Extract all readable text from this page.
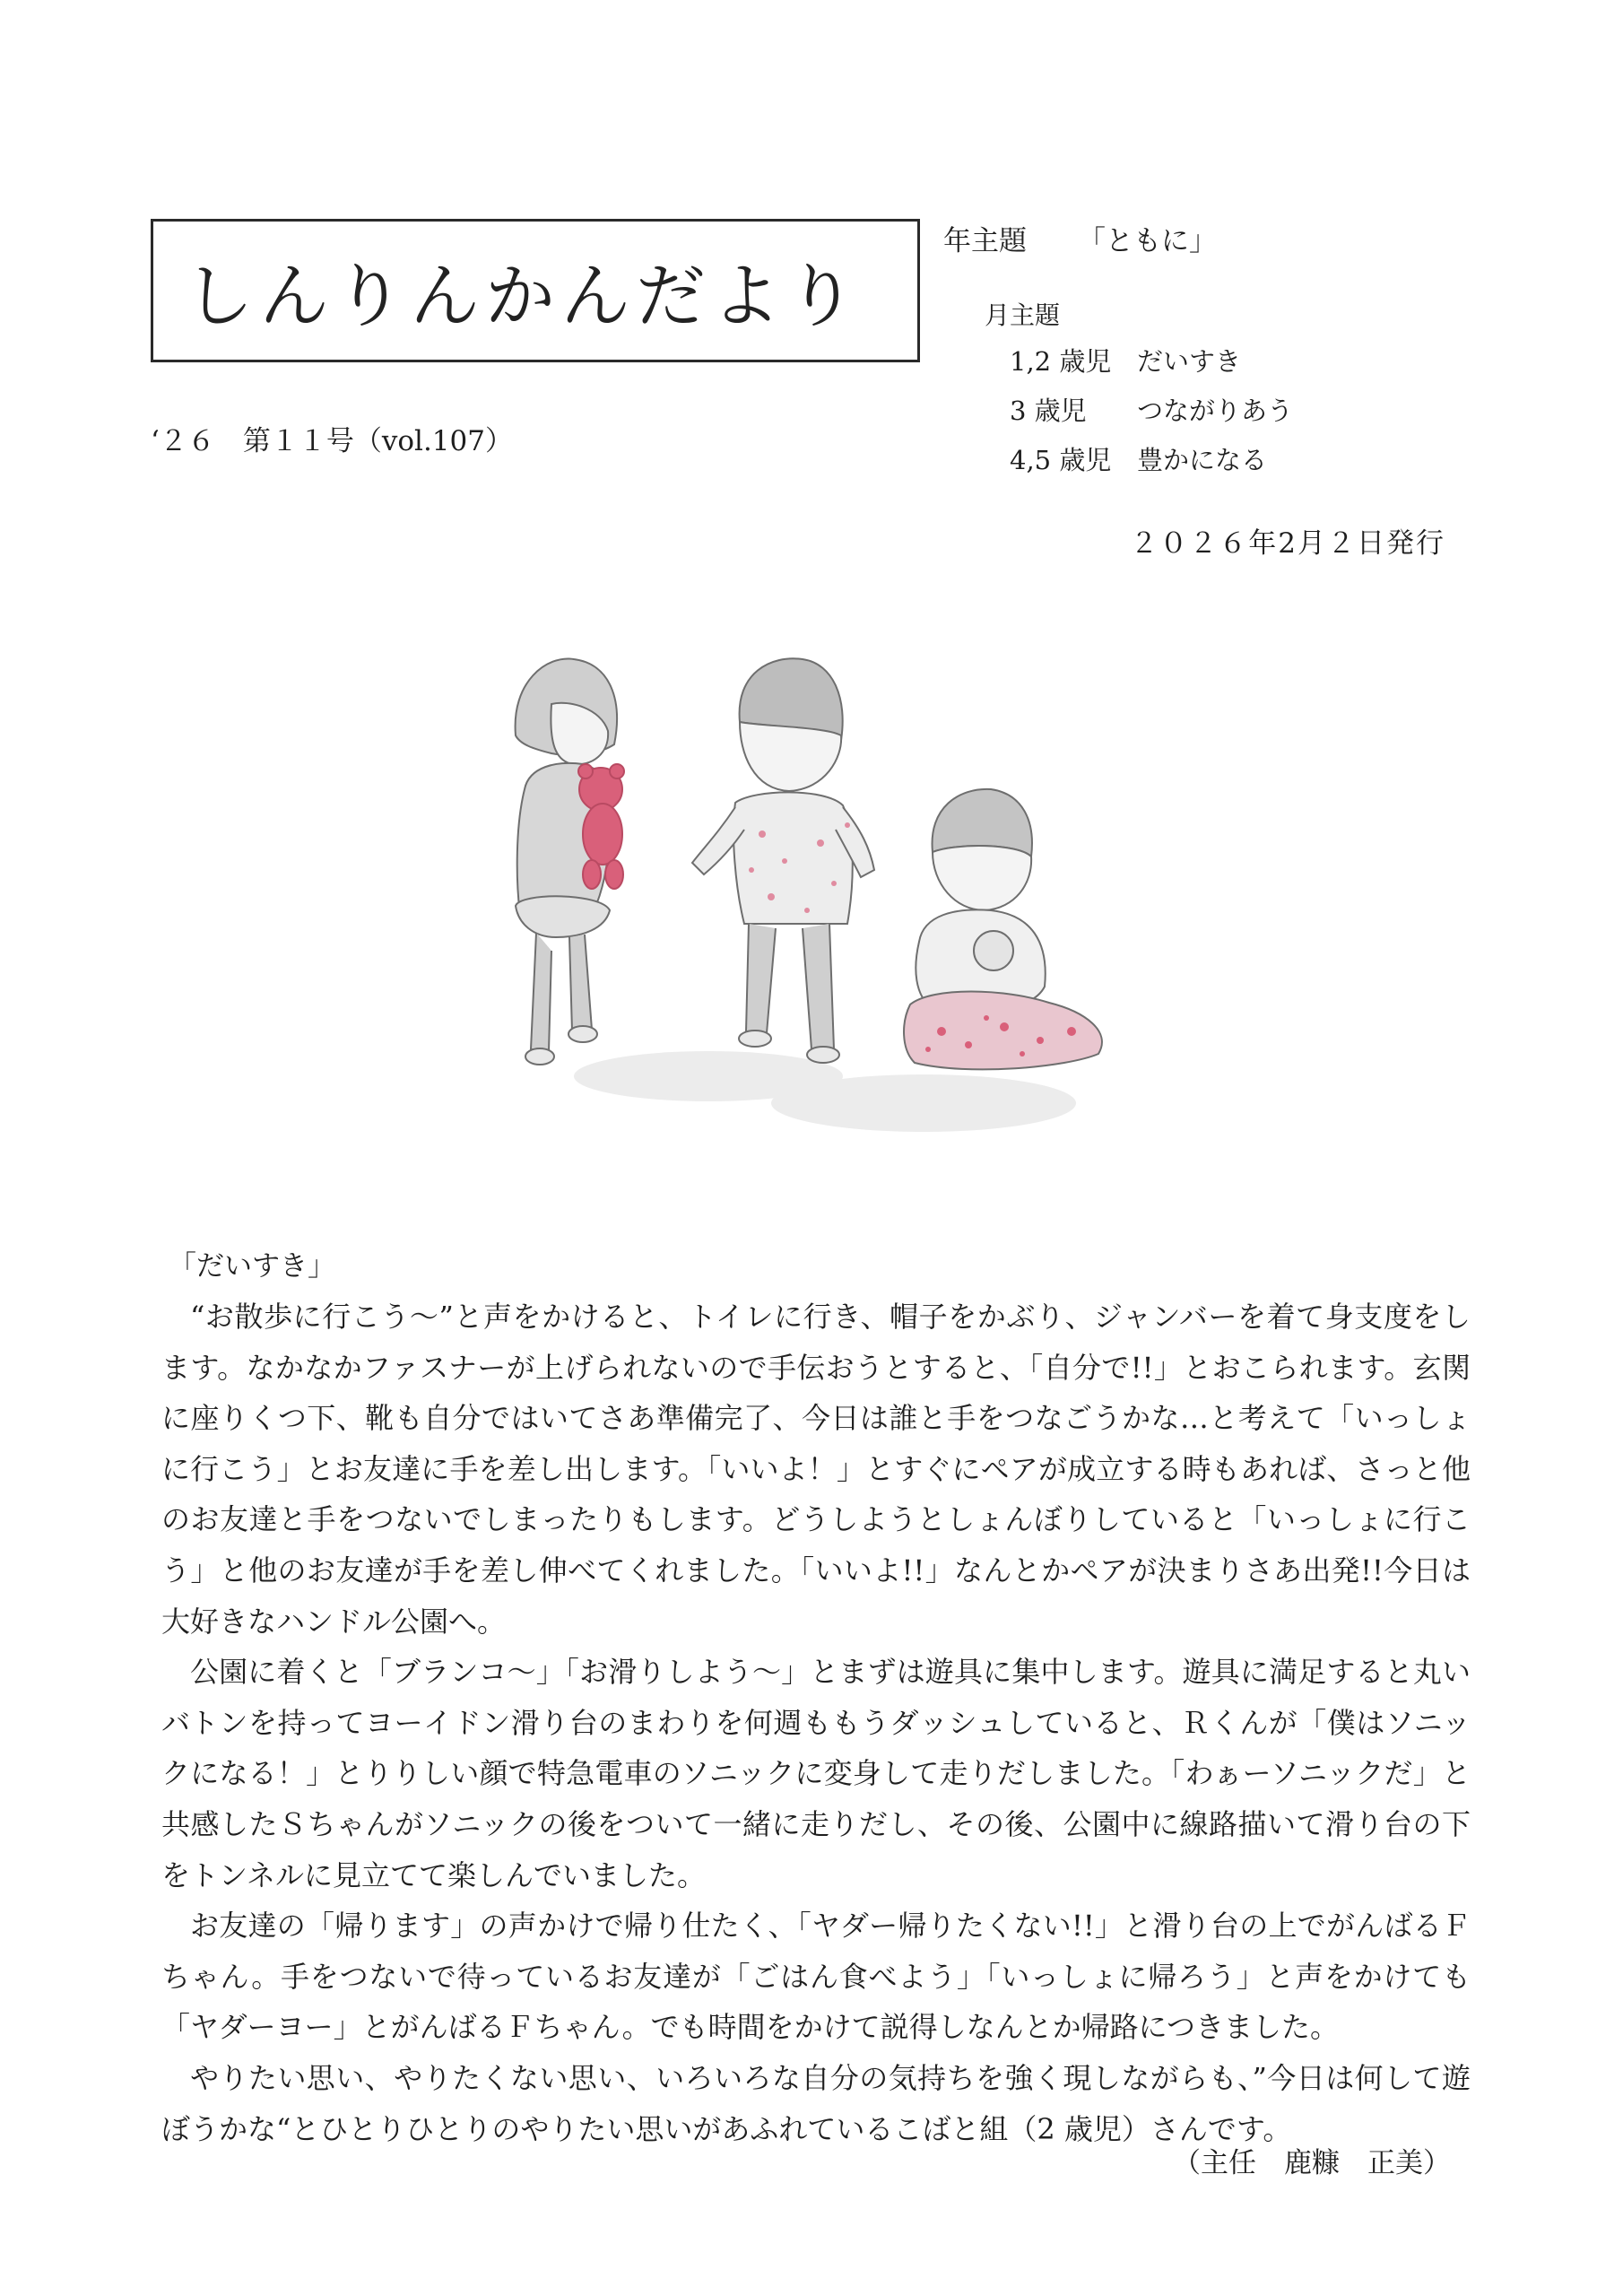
しんりんかんだより
‘２６　第１１号（vol.107）
年主題 「ともに」
月主題
1,2 歳児 だいすき
3 歳児 つながりあう
4,5 歳児 豊かになる
２０２６年2月２日発行
「だいすき」

“お散歩に行こう～”と声をかけると、トイレに行き、帽子をかぶり、ジャンバーを着て身支度をします。なかなかファスナーが上げられないので手伝おうとすると、「自分で!!」とおこられます。玄関に座りくつ下、靴も自分ではいてさあ準備完了、今日は誰と手をつなごうかな…と考えて「いっしょに行こう」とお友達に手を差し出します。「いいよ！」とすぐにペアが成立する時もあれば、さっと他のお友達と手をつないでしまったりもします。どうしようとしょんぼりしていると「いっしょに行こう」と他のお友達が手を差し伸べてくれました。「いいよ!!」なんとかペアが決まりさあ出発!!今日は大好きなハンドル公園へ。

公園に着くと「ブランコ～」「お滑りしよう～」とまずは遊具に集中します。遊具に満足すると丸いバトンを持ってヨーイドン滑り台のまわりを何週ももうダッシュしていると、Ｒくんが「僕はソニックになる！」とりりしい顔で特急電車のソニックに変身して走りだしました。「わぁーソニックだ」と共感したＳちゃんがソニックの後をついて一緒に走りだし、その後、公園中に線路描いて滑り台の下をトンネルに見立てて楽しんでいました。

お友達の「帰ります」の声かけで帰り仕たく、「ヤダー帰りたくない!!」と滑り台の上でがんばるＦちゃん。手をつないで待っているお友達が「ごはん食べよう」「いっしょに帰ろう」と声をかけても「ヤダーヨー」とがんばるＦちゃん。でも時間をかけて説得しなんとか帰路につきました。

やりたい思い、やりたくない思い、いろいろな自分の気持ちを強く現しながらも、”今日は何して遊ぼうかな“とひとりひとりのやりたい思いがあふれているこばと組（2 歳児）さんです。

（主任　鹿糠　正美）
